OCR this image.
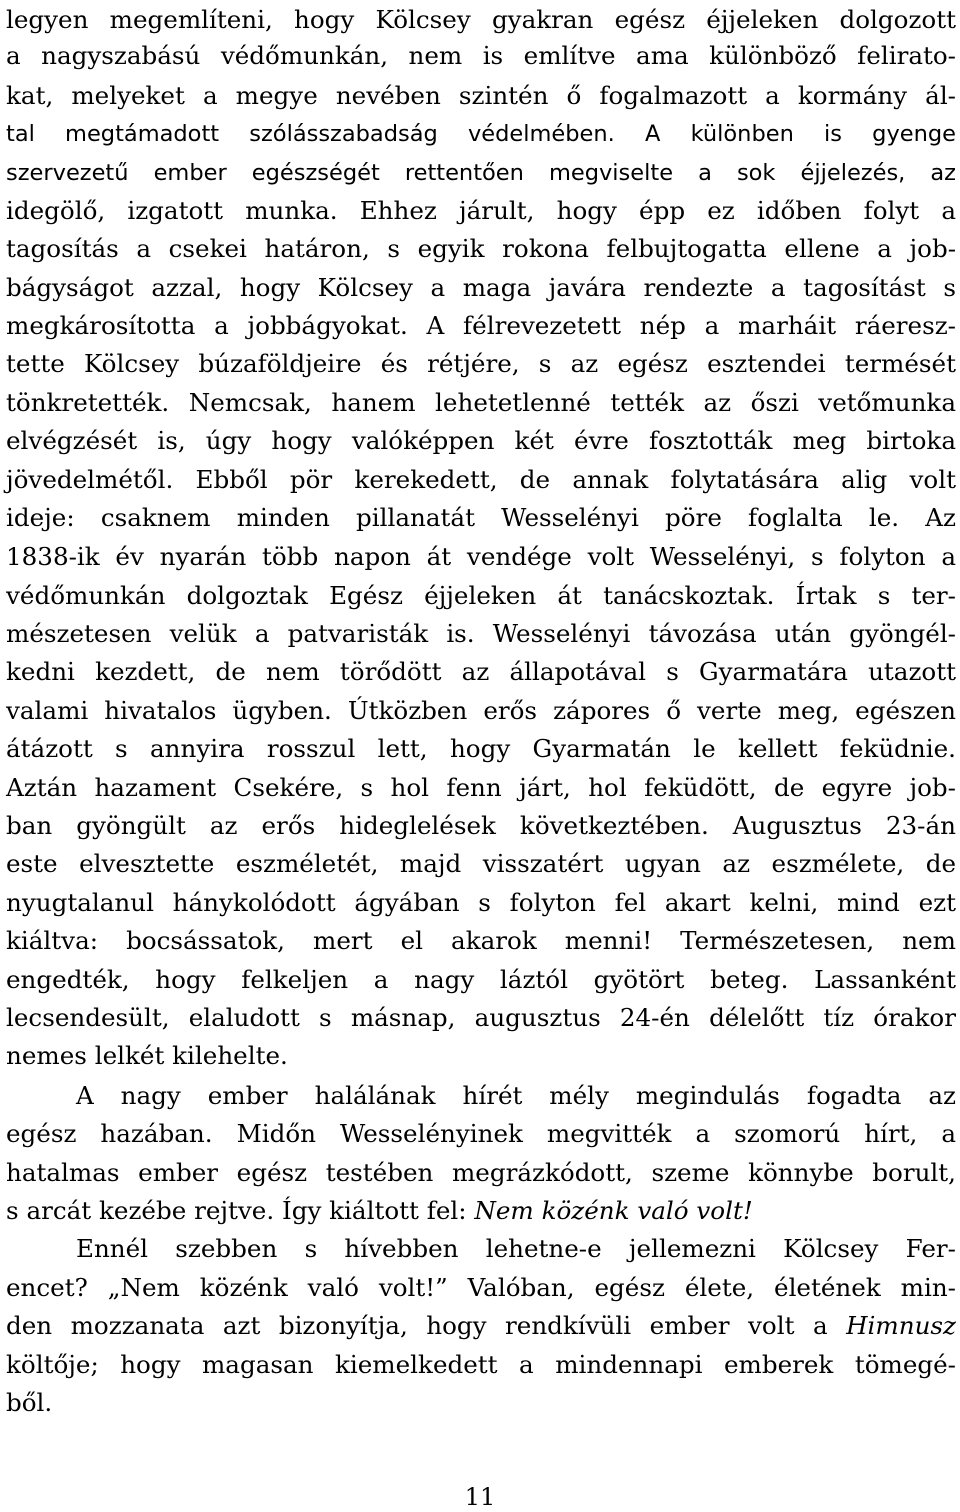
legyen megemlíteni, hogy Kölcsey gyakran egész éjjeleken dolgozott
a nagyszabású védőmunkán, nem is említve ama különböző felirato-
kat, melyeket a megye nevében szintén ő fogalmazott a kormány ál-
tal megtámadott szólásszabadság védelmében. A különben is gyenge
szervezetű ember egészségét rettentően megviselte a sok éjjelezés, az
idegölő, izgatott munka. Ehhez járult, hogy épp ez időben folyt a
tagosítás a csekei határon, s egyik rokona felbujtogatta ellene a job-
bágyságot azzal, hogy Kölcsey a maga javára rendezte a tagosítást s
megkárosította a jobbágyokat. A félrevezetett nép a marháit ráeresz-
tette Kölcsey búzaföldjeire és rétjére, s az egész esztendei termését
tönkretették. Nemcsak, hanem lehetetlenné tették az őszi vetőmunka
elvégzését is, úgy hogy valóképpen két évre fosztották meg birtoka
jövedelmétől. Ebből pör kerekedett, de annak folytatására alig volt
ideje: csaknem minden pillanatát Wesselényi pöre foglalta le. Az
1838-ik év nyarán több napon át vendége volt Wesselényi, s folyton a
védőmunkán dolgoztak Egész éjjeleken át tanácskoztak. Írtak s ter-
mészetesen velük a patvaristák is. Wesselényi távozása után gyöngél-
kedni kezdett, de nem törődött az állapotával s Gyarmatára utazott
valami hivatalos ügyben. Útközben erős zápores ő verte meg, egészen
átázott s annyira rosszul lett, hogy Gyarmatán le kellett feküdnie.
Aztán hazament Csekére, s hol fenn járt, hol feküdött, de egyre job-
ban gyöngült az erős hideglelések következtében. Augusztus 23-án
este elvesztette eszméletét, majd visszatért ugyan az eszmélete, de
nyugtalanul hánykolódott ágyában s folyton fel akart kelni, mind ezt
kiáltva: bocsássatok, mert el akarok menni! Természetesen, nem
engedték, hogy felkeljen a nagy láztól gyötört beteg. Lassanként
lecsendesült, elaludott s másnap, augusztus 24-én délelőtt tíz órakor
nemes lelkét kilehelte.
A nagy ember halálának hírét mély megindulás fogadta az
egész hazában. Midőn Wesselényinek megvitték a szomorú hírt, a
hatalmas ember egész testében megrázkódott, szeme könnybe borult,
s arcát kezébe rejtve. Így kiáltott fel: Nem közénk való volt!
Ennél szebben s hívebben lehetne-e jellemezni Kölcsey Fer-
encet? „Nem közénk való volt!” Valóban, egész élete, életének min-
den mozzanata azt bizonyítja, hogy rendkívüli ember volt a Himnusz
költője; hogy magasan kiemelkedett a mindennapi emberek tömegé-
ből.
11
